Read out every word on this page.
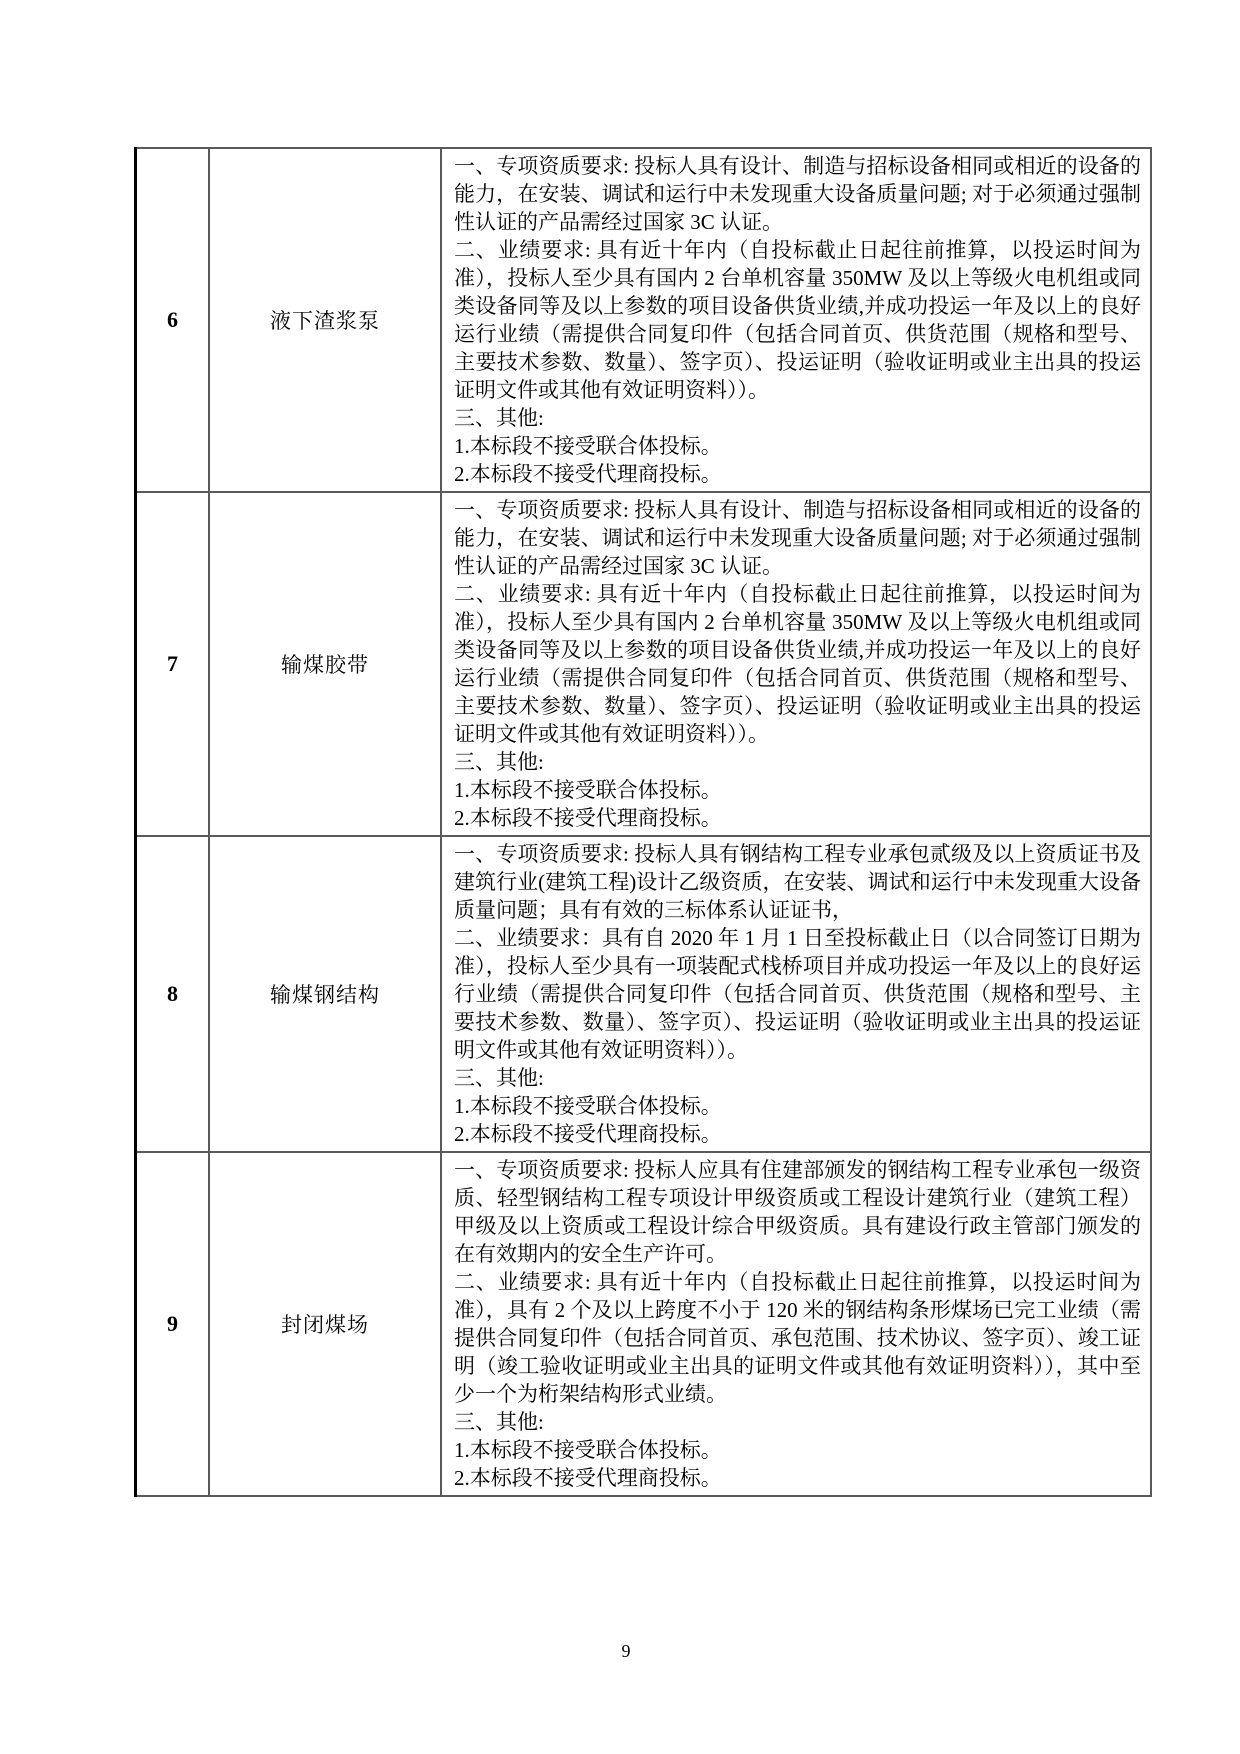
6	液下渣浆泵	一、专项资质要求: 投标人具有设计、制造与招标设备相同或相近的设备的能力，在安装、调试和运行中未发现重大设备质量问题; 对于必须通过强制性认证的产品需经过国家 3C 认证。

二、业绩要求: 具有近十年内（自投标截止日起往前推算，以投运时间为准），投标人至少具有国内 2 台单机容量 350MW 及以上等级火电机组或同类设备同等及以上参数的项目设备供货业绩,并成功投运一年及以上的良好运行业绩（需提供合同复印件（包括合同首页、供货范围（规格和型号、主要技术参数、数量）、签字页）、投运证明（验收证明或业主出具的投运证明文件或其他有效证明资料））。

三、其他:

1.本标段不接受联合体投标。

2.本标段不接受代理商投标。

7	输煤胶带	一、专项资质要求: 投标人具有设计、制造与招标设备相同或相近的设备的能力，在安装、调试和运行中未发现重大设备质量问题; 对于必须通过强制性认证的产品需经过国家 3C 认证。

二、业绩要求: 具有近十年内（自投标截止日起往前推算，以投运时间为准），投标人至少具有国内 2 台单机容量 350MW 及以上等级火电机组或同类设备同等及以上参数的项目设备供货业绩,并成功投运一年及以上的良好运行业绩（需提供合同复印件（包括合同首页、供货范围（规格和型号、主要技术参数、数量）、签字页）、投运证明（验收证明或业主出具的投运证明文件或其他有效证明资料））。

三、其他:

1.本标段不接受联合体投标。

2.本标段不接受代理商投标。

8	输煤钢结构	一、专项资质要求: 投标人具有钢结构工程专业承包贰级及以上资质证书及建筑行业(建筑工程)设计乙级资质，在安装、调试和运行中未发现重大设备质量问题；具有有效的三标体系认证证书，

二、业绩要求：具有自 2020 年 1 月 1 日至投标截止日（以合同签订日期为准），投标人至少具有一项装配式栈桥项目并成功投运一年及以上的良好运行业绩（需提供合同复印件（包括合同首页、供货范围（规格和型号、主要技术参数、数量）、签字页）、投运证明（验收证明或业主出具的投运证明文件或其他有效证明资料））。

三、其他:

1.本标段不接受联合体投标。

2.本标段不接受代理商投标。

9	封闭煤场	一、专项资质要求: 投标人应具有住建部颁发的钢结构工程专业承包一级资质、轻型钢结构工程专项设计甲级资质或工程设计建筑行业（建筑工程）甲级及以上资质或工程设计综合甲级资质。具有建设行政主管部门颁发的在有效期内的安全生产许可。

二、业绩要求: 具有近十年内（自投标截止日起往前推算，以投运时间为准），具有 2 个及以上跨度不小于 120 米的钢结构条形煤场已完工业绩（需提供合同复印件（包括合同首页、承包范围、技术协议、签字页）、竣工证明（竣工验收证明或业主出具的证明文件或其他有效证明资料）），其中至少一个为桁架结构形式业绩。

三、其他:

1.本标段不接受联合体投标。

2.本标段不接受代理商投标。

9
